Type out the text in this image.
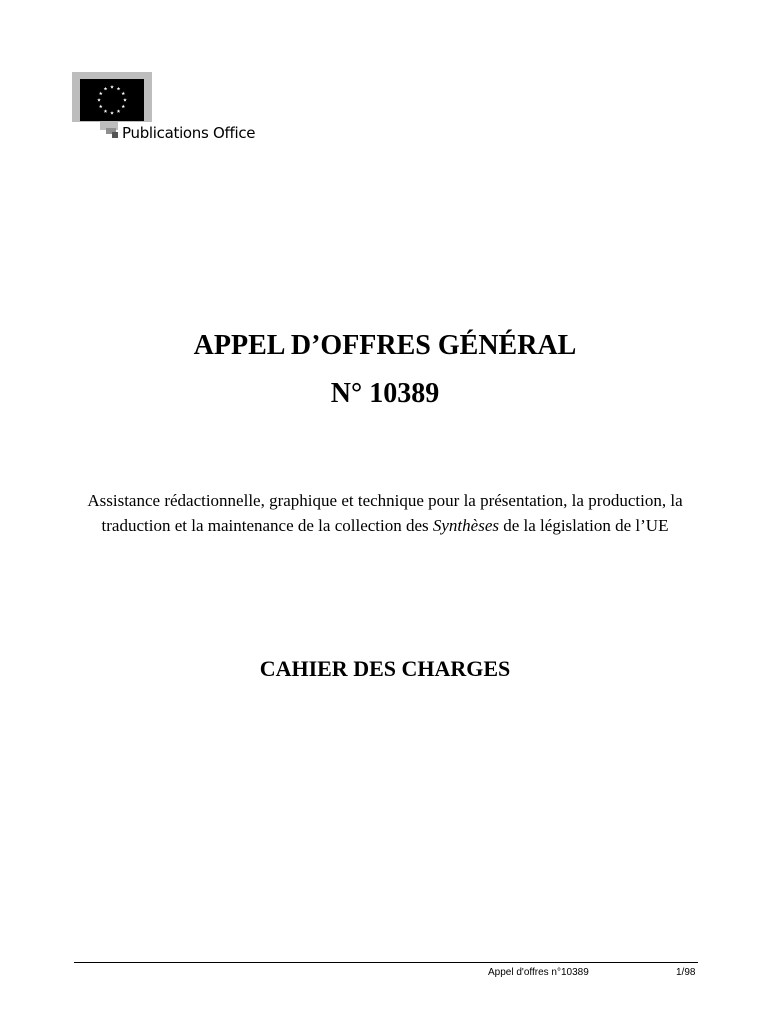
Publications Office
APPEL D’OFFRES GÉNÉRAL
N° 10389

Assistance rédactionnelle, graphique et technique pour la présentation, la production, la traduction et la maintenance de la collection des Synthèses de la législation de l’UE

CAHIER DES CHARGES
Appel d'offres n°10389	1/98
